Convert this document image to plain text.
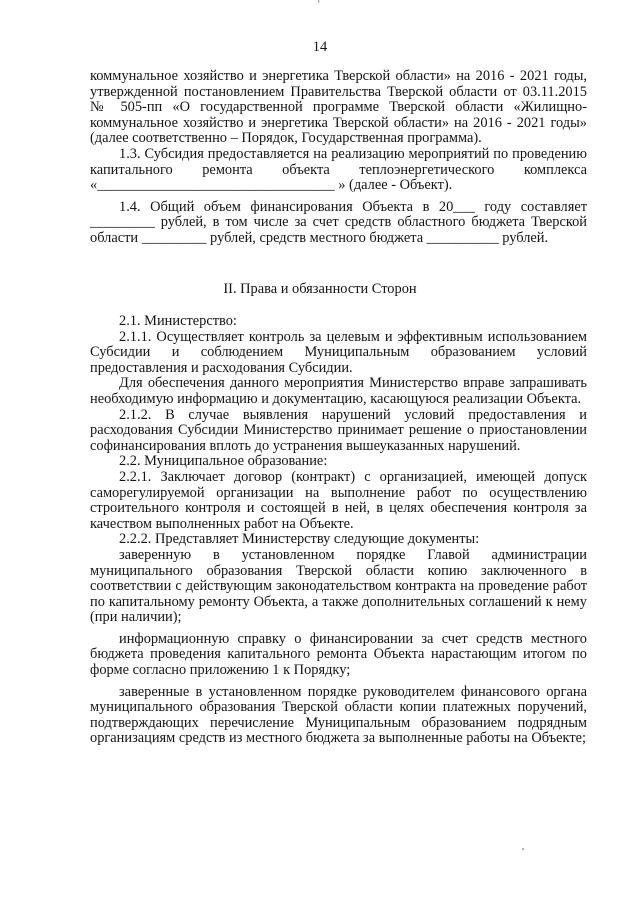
'
14

коммунальное хозяйство и энергетика Тверской области» на 2016 - 2021 годы, утвержденной постановлением Правительства Тверской области от 03.11.2015 № 505-пп «О государственной программе Тверской области «Жилищно-коммунальное хозяйство и энергетика Тверской области» на 2016 - 2021 годы» (далее соответственно – Порядок, Государственная программа).

1.3. Субсидия предоставляется на реализацию мероприятий по проведению капитального ремонта объекта теплоэнергетического комплекса «_________________________________ » (далее - Объект).

1.4. Общий объем финансирования Объекта в 20___ году составляет _________ рублей, в том числе за счет средств областного бюджета Тверской области _________ рублей, средств местного бюджета __________ рублей.

II. Права и обязанности Сторон

2.1. Министерство:

2.1.1. Осуществляет контроль за целевым и эффективным использованием Субсидии и соблюдением Муниципальным образованием условий предоставления и расходования Субсидии.

Для обеспечения данного мероприятия Министерство вправе запрашивать необходимую информацию и документацию, касающуюся реализации Объекта.

2.1.2. В случае выявления нарушений условий предоставления и расходования Субсидии Министерство принимает решение о приостановлении софинансирования вплоть до устранения вышеуказанных нарушений.

2.2. Муниципальное образование:

2.2.1. Заключает договор (контракт) с организацией, имеющей допуск саморегулируемой организации на выполнение работ по осуществлению строительного контроля и состоящей в ней, в целях обеспечения контроля за качеством выполненных работ на Объекте.

2.2.2. Представляет Министерству следующие документы:

заверенную в установленном порядке Главой администрации муниципального образования Тверской области копию заключенного в соответствии с действующим законодательством контракта на проведение работ по капитальному ремонту Объекта, а также дополнительных соглашений к нему (при наличии);

информационную справку о финансировании за счет средств местного бюджета проведения капитального ремонта Объекта нарастающим итогом по форме согласно приложению 1 к Порядку;

заверенные в установленном порядке руководителем финансового органа муниципального образования Тверской области копии платежных поручений, подтверждающих перечисление Муниципальным образованием подрядным организациям средств из местного бюджета за выполненные работы на Объекте;
